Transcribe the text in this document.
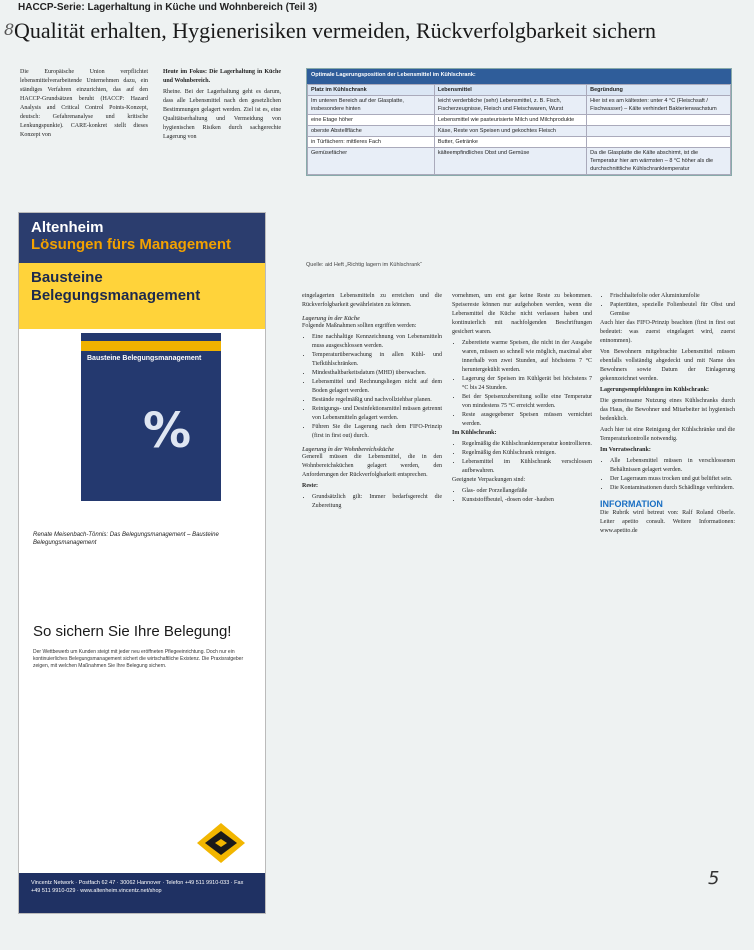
8
HACCP-Serie: Lagerhaltung in Küche und Wohnbereich (Teil 3)
Qualität erhalten, Hygienerisiken vermeiden, Rückverfolgbarkeit sichern

Die Europäische Union verpflichtet lebensmittelverarbeitende Unternehmen dazu, ein ständiges Verfahren einzurichten, das auf den HACCP-Grundsätzen beruht (HACCP: Hazard Analysis and Critical Control Points-Konzept, deutsch: Gefahrenanalyse und kritische Lenkungspunkte). CARE-konkret stellt dieses Konzept von

Heute im Fokus: Die Lagerhaltung in Küche und Wohnbereich.

Rheine. Bei der Lagerhaltung geht es darum, dass alle Lebensmittel nach den gesetzlichen Bestimmungen gelagert werden. Ziel ist es, eine Qualitätserhaltung und Vermeidung von hygienischen Risiken durch sachgerechte Lagerung von

Optimale Lagerungsposition der Lebensmittel im Kühlschrank:
Platz im Kühlschrank	Lebensmittel	Begründung
Im unteren Bereich auf der Glasplatte, insbesondere hinten	leicht verderbliche (sehr) Lebensmittel, z. B. Fisch, Fischerzeugnisse, Fleisch und Fleischwaren, Wurst	Hier ist es am kältesten: unter 4 °C (Fleischsaft / Fischwasser) – Kälte verhindert Bakterienwachstum
eine Etage höher	Lebensmittel wie pasteurisierte Milch und Milchprodukte	
oberste Abstellfläche	Käse, Reste von Speisen und gekochtes Fleisch	
in Türfächern: mittleres Fach	Butter, Getränke	
Gemüsefächer	kälteempfindliches Obst und Gemüse	Da die Glasplatte die Kälte abschirmt, ist die Temperatur hier am wärmsten – 8 °C höher als die durchschnittliche Kühlschranktemperatur
Quelle: aid Heft „Richtig lagern im Kühlschrank“
Altenheim
Lösungen fürs Management
Bausteine
Belegungsmanagement
Bausteine Belegungsmanagement
%
Renate Meisenbach-Tönnis: Das Belegungsmanagement – Bausteine Belegungsmanagement
So sichern Sie Ihre Belegung!
Der Wettbewerb um Kunden steigt mit jeder neu eröffneten Pflegeeinrichtung. Doch nur ein kontinuierliches Belegungsmanagement sichert die wirtschaftliche Existenz. Die Praxisratgeber zeigen, mit welchen Maßnahmen Sie Ihre Belegung sichern.
Vincentz Network · Postfach 62 47 · 30062 Hannover · Telefon +49 511 9910-033 · Fax +49 511 9910-029 · www.altenheim.vincentz.net/shop

eingelagerten Lebensmitteln zu erreichen und die Rückverfolgbarkeit gewährleisten zu können.

Lagerung in der Küche

Folgende Maßnahmen sollten ergriffen werden:

• Eine nachhaltige Kennzeichnung von Lebensmitteln muss ausgeschlossen werden.
• Temperaturüberwachung in allen Kühl- und Tiefkühlschränken.
• Mindesthaltbarkeitsdatum (MHD) überwachen.
• Lebensmittel und Rechnungsliegen nicht auf dem Boden gelagert werden.
• Bestände regelmäßig und nachvollziehbar planen.
• Reinigungs- und Desinfektionsmittel müssen getrennt von Lebensmitteln gelagert werden.
• Führen Sie die Lagerung nach dem FIFO-Prinzip (first in first out) durch.
Lagerung in der Wohnbereichsküche

Generell müssen die Lebensmittel, die in den Wohnbereichsküchen gelagert werden, den Anforderungen der Rückverfolgbarkeit entsprechen.

Reste:

• Grundsätzlich gilt: Immer bedarfsgerecht die Zubereitung

vornehmen, um erst gar keine Reste zu bekommen. Speisereste können nur aufgehoben werden, wenn die Lebensmittel die Küche nicht verlassen haben und kontinuierlich mit nachfolgenden Beschriftungen gesichert waren.

• Zubereitete warme Speisen, die nicht in der Ausgabe waren, müssen so schnell wie möglich, maximal aber innerhalb von zwei Stunden, auf höchstens 7 °C heruntergekühlt werden.
• Lagerung der Speisen im Kühlgerät bei höchstens 7 °C bis 24 Stunden.
• Bei der Speisenzubereitung sollte eine Temperatur von mindestens 75 °C erreicht werden.
• Reste ausgegebener Speisen müssen vernichtet werden.

Im Kühlschrank:

• Regelmäßig die Kühlschranktemperatur kontrollieren.
• Regelmäßig den Kühlschrank reinigen.
• Lebensmittel im Kühlschrank verschlossen aufbewahren.

Geeignete Verpackungen sind:

• Glas- oder Porzellangefäße
• Kunststoffbeutel, -dosen oder -hauben
• Frischhaltefolie oder Aluminiumfolie
• Papiertüten, spezielle Folienbeutel für Obst und Gemüse

Auch hier das FIFO-Prinzip beachten (first in first out bedeutet: was zuerst eingelagert wird, zuerst entnommen).

Von Bewohnern mitgebrachte Lebensmittel müssen ebenfalls vollständig abgedeckt und mit Name des Bewohners sowie Datum der Einlagerung gekennzeichnet werden.

Lagerungsempfehlungen im Kühlschrank:

Die gemeinsame Nutzung eines Kühlschranks durch das Haus, die Bewohner und Mitarbeiter ist hygienisch bedenklich.

Auch hier ist eine Reinigung der Kühlschränke und die Temperaturkontrolle notwendig.

Im Vorratsschrank:

• Alle Lebensmittel müssen in verschlossenen Behältnissen gelagert werden.
• Der Lagerraum muss trocken und gut belüftet sein.
• Die Kontaminationen durch Schädlinge verhindern.
INFORMATION

Die Rubrik wird betreut von: Ralf Roland Oberle. Leiter apetito consult. Weitere Informationen: www.apetito.de

5
